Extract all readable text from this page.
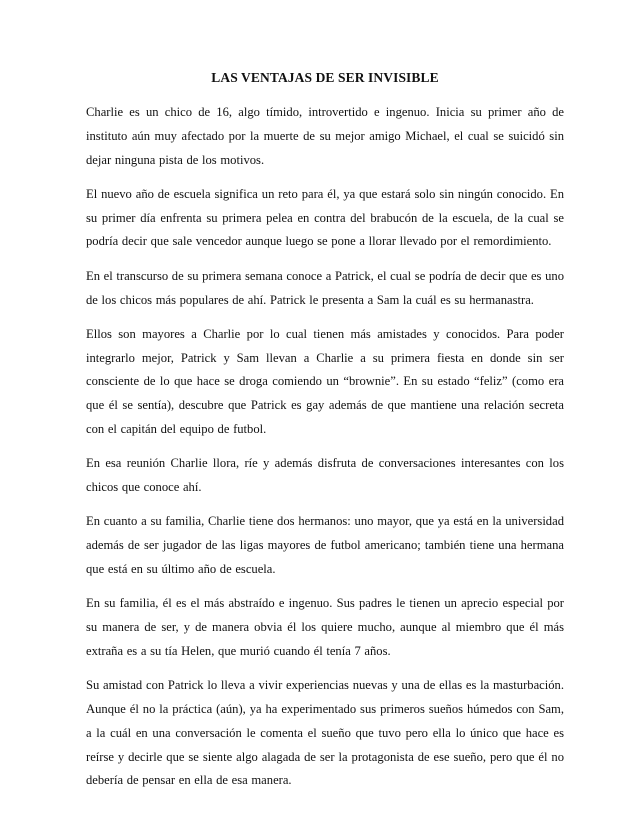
LAS VENTAJAS DE SER INVISIBLE

Charlie es un chico de 16, algo tímido, introvertido e ingenuo. Inicia su primer año de instituto aún muy afectado por la muerte de su mejor amigo Michael, el cual se suicidó sin dejar ninguna pista de los motivos.

El nuevo año de escuela significa un reto para él, ya que estará solo sin ningún conocido. En su primer día enfrenta su primera pelea en contra del brabucón de la escuela, de la cual se podría decir que sale vencedor aunque luego se pone a llorar llevado por el remordimiento.

En el transcurso de su primera semana conoce a Patrick, el cual se podría de decir que es uno de los chicos más populares de ahí. Patrick le presenta a Sam la cuál es su hermanastra.

Ellos son mayores a Charlie por lo cual tienen más amistades y conocidos. Para poder integrarlo mejor, Patrick y Sam llevan a Charlie a su primera fiesta en donde sin ser consciente de lo que hace se droga comiendo un “brownie”. En su estado “feliz” (como era que él se sentía), descubre que Patrick es gay además de que mantiene una relación secreta con el capitán del equipo de futbol.

En esa reunión Charlie llora, ríe y además disfruta de conversaciones interesantes con los chicos que conoce ahí.

En cuanto a su familia, Charlie tiene dos hermanos: uno mayor, que ya está en la universidad además de ser jugador de las ligas mayores de futbol americano; también tiene una hermana que está en su último año de escuela.

En su familia, él es el más abstraído e ingenuo. Sus padres le tienen un aprecio especial por su manera de ser, y de manera obvia él los quiere mucho, aunque al miembro que él más extraña es a su tía Helen, que murió cuando él tenía 7 años.

Su amistad con Patrick lo lleva a vivir experiencias nuevas y una de ellas es la masturbación. Aunque él no la práctica (aún), ya ha experimentado sus primeros sueños húmedos con Sam, a la cuál en una conversación le comenta el sueño que tuvo pero ella lo único que hace es reírse y decirle que se siente algo alagada de ser la protagonista de ese sueño, pero que él no debería de pensar en ella de esa manera.
